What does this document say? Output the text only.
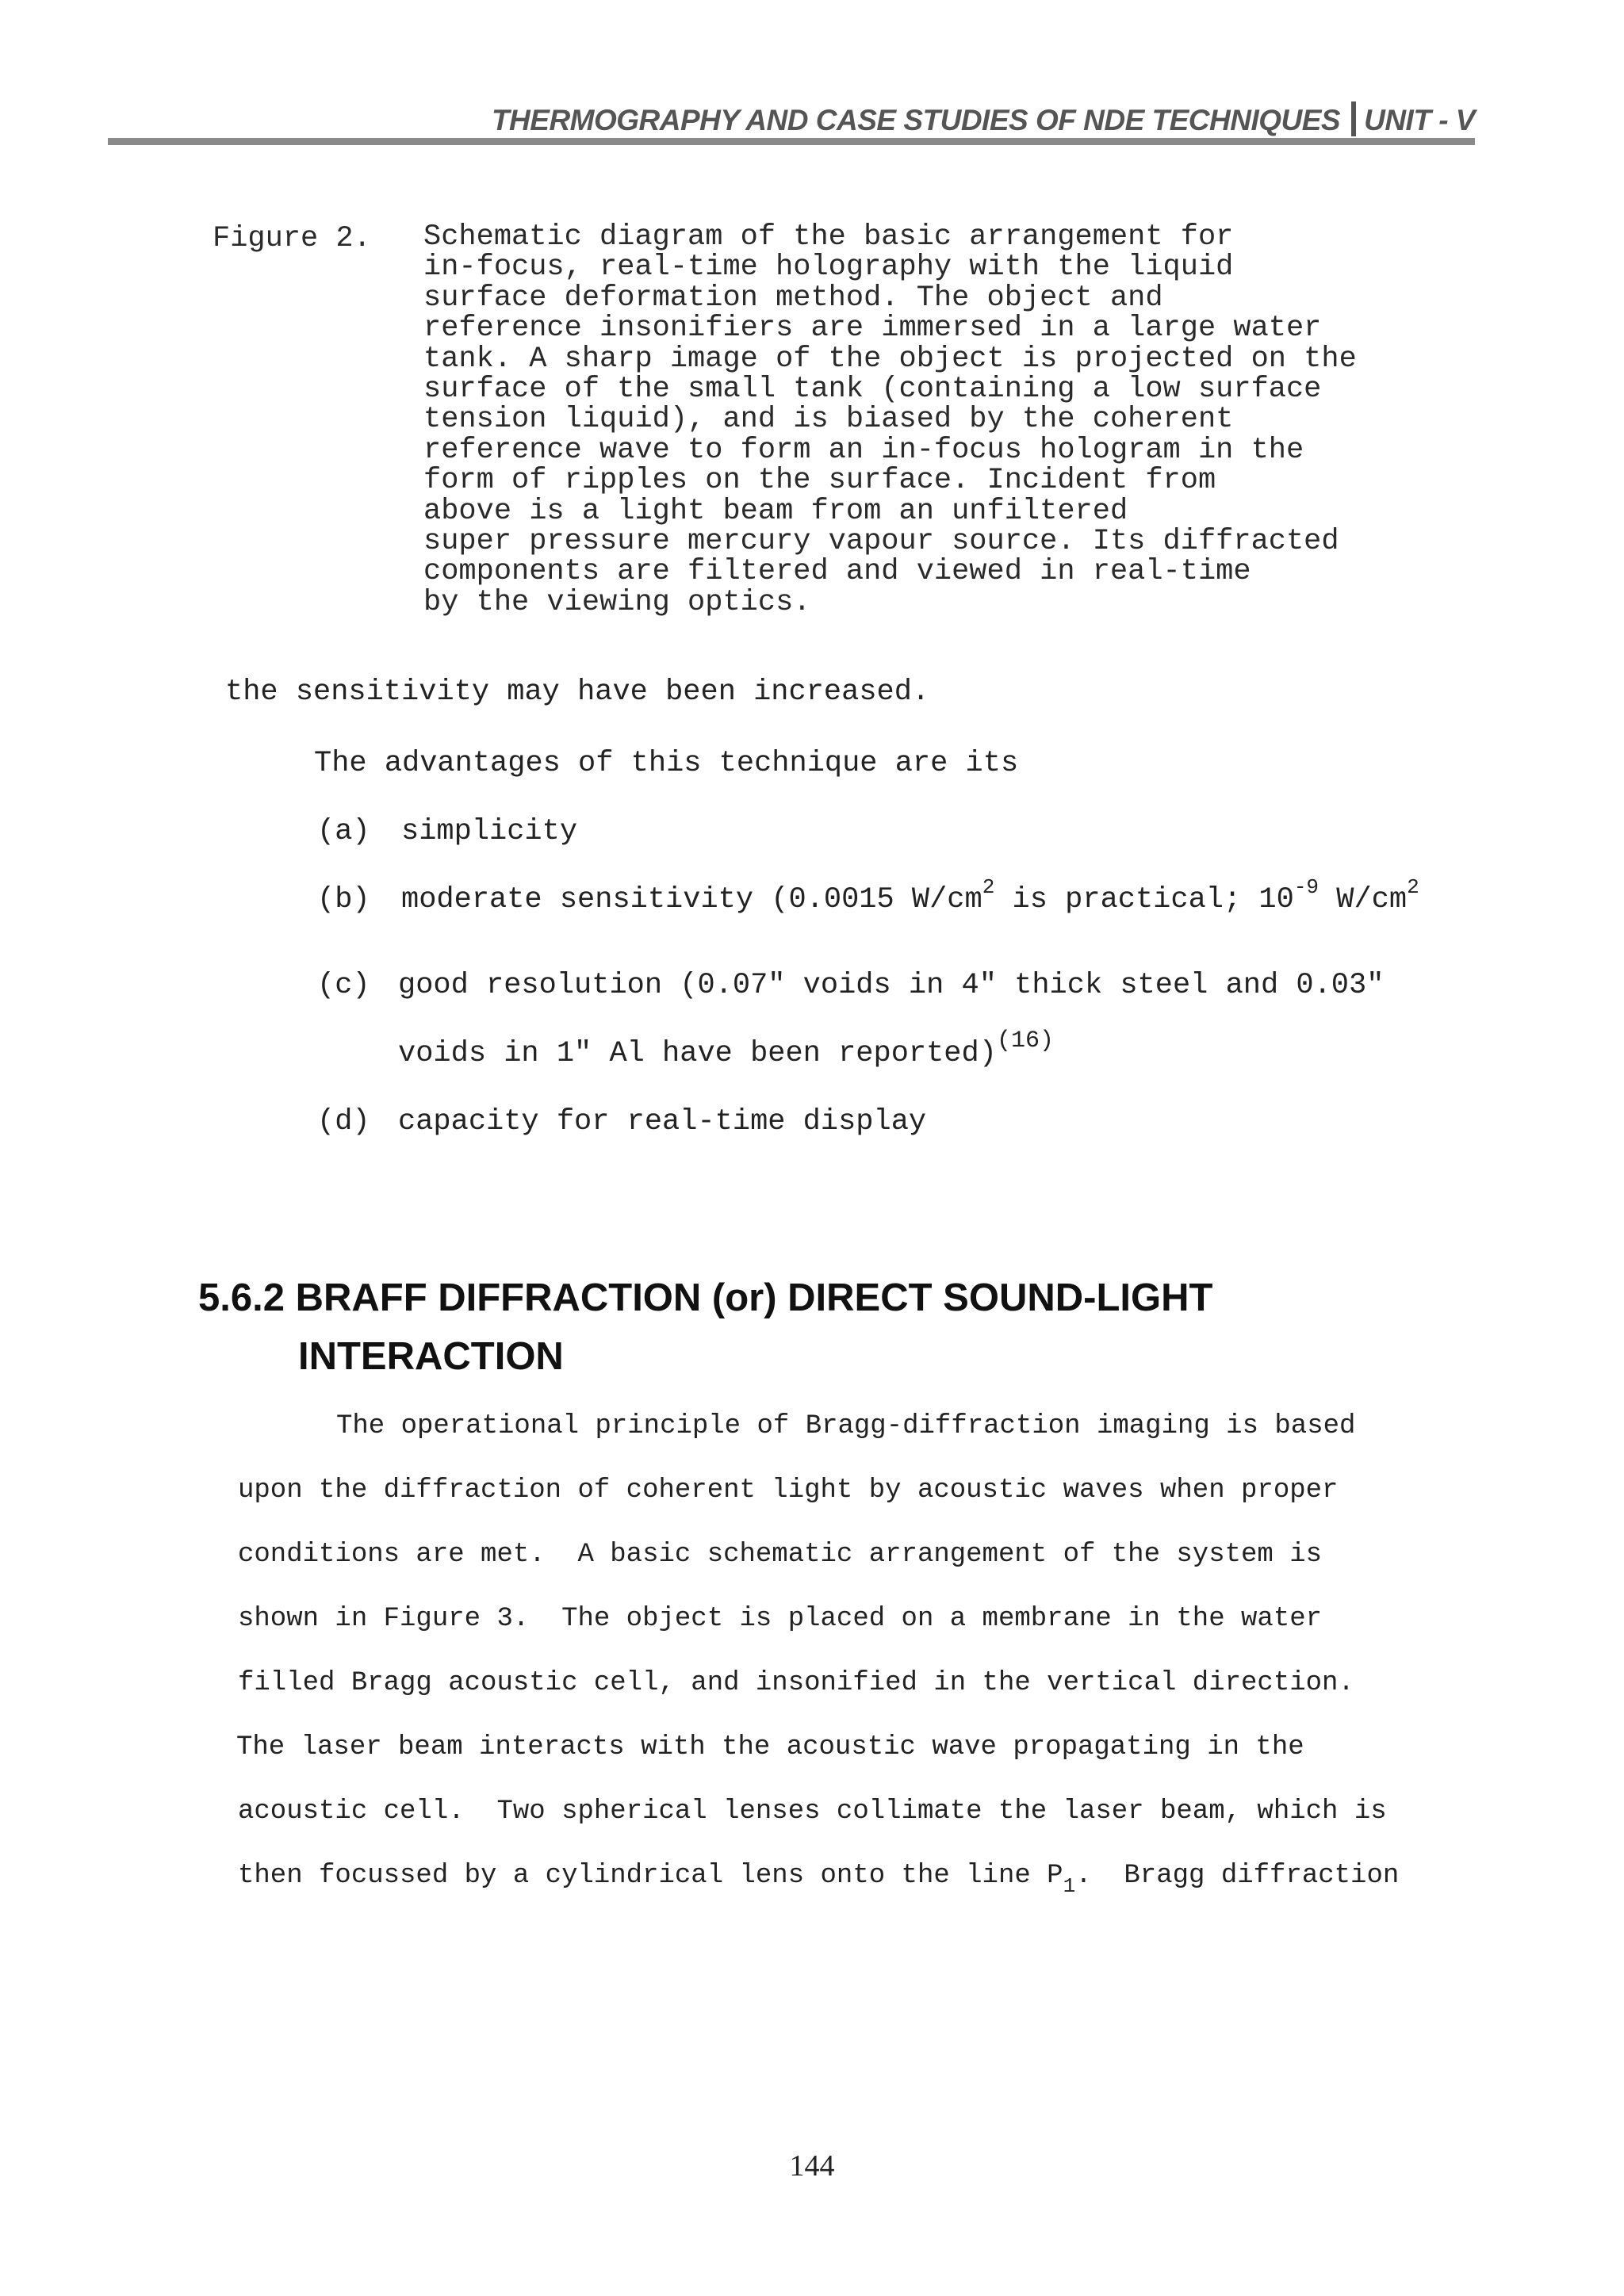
THERMOGRAPHY AND CASE STUDIES OF NDE TECHNIQUES UNIT - V
Figure 2. Schematic diagram of the basic arrangement for
in-focus, real-time holography with the liquid
surface deformation method. The object and
reference insonifiers are immersed in a large water
tank. A sharp image of the object is projected on the
surface of the small tank (containing a low surface
tension liquid), and is biased by the coherent
reference wave to form an in-focus hologram in the
form of ripples on the surface. Incident from
above is a light beam from an unfiltered
super pressure mercury vapour source. Its diffracted
components are filtered and viewed in real-time
by the viewing optics.
the sensitivity may have been increased.
The advantages of this technique are its
(a) simplicity
(b) moderate sensitivity (0.0015 $W/cm^2$ is practical; $10^{-9}$ $W/cm^2$
(c) good resolution (0.07" voids in 4" thick steel and 0.03"
voids in 1" Al have been reported)$^{(16)}$
(d) capacity for real-time display
5.6.2 BRAFF DIFFRACTION (or) DIRECT SOUND-LIGHT
INTERACTION
The operational principle of Bragg-diffraction imaging is based
upon the diffraction of coherent light by acoustic waves when proper
conditions are met.  A basic schematic arrangement of the system is
shown in Figure 3.  The object is placed on a membrane in the water
filled Bragg acoustic cell, and insonified in the vertical direction.
The laser beam interacts with the acoustic wave propagating in the
acoustic cell.  Two spherical lenses collimate the laser beam, which is
then focussed by a cylindrical lens onto the line $P_1$.  Bragg diffraction
144
